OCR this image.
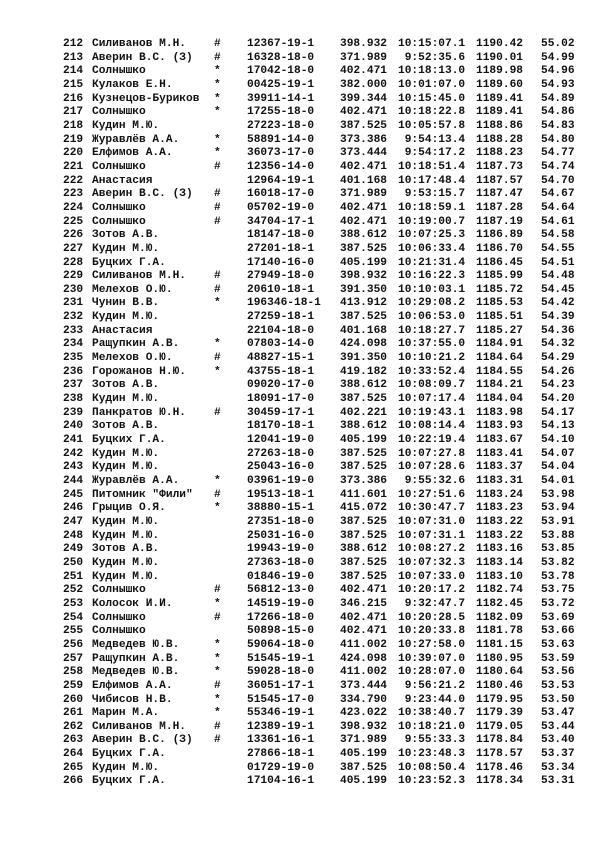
212 Силиванов М.Н.	# 12367-19-1 398.932 10:15:07.1 1190.42 55.02
213 Аверин В.С. (З) # 16328-18-0 371.989 9:52:35.6 1190.01 54.99
214 Солнышко	* 17042-18-0 402.471 10:18:13.0 1189.98 54.96
215 Кулаков Е.Н.	* 00425-19-1 382.000 10:01:07.0 1189.60 54.93
216 Кузнецов-Буриков * 39911-14-1 399.344 10:15:45.0 1189.41 54.89
217 Солнышко	* 17255-18-0 402.471 10:18:22.8 1189.41 54.86
218 Кудин М.Ю.	27223-18-0 387.525 10:05:57.8 1188.86 54.83
219 Журавлёв А.А.	* 58891-14-0 373.386 9:54:13.4 1188.28 54.80
220 Елфимов А.А.	* 36073-17-0 373.444 9:54:17.2 1188.23 54.77
221 Солнышко	# 12356-14-0 402.471 10:18:51.4 1187.73 54.74
222 Анастасия	12964-19-1 401.168 10:17:48.4 1187.57 54.70
223 Аверин В.С. (З) # 16018-17-0 371.989 9:53:15.7 1187.47 54.67
224 Солнышко	# 05702-19-0 402.471 10:18:59.1 1187.28 54.64
225 Солнышко	# 34704-17-1 402.471 10:19:00.7 1187.19 54.61
226 Зотов А.В.	18147-18-0 388.612 10:07:25.3 1186.89 54.58
227 Кудин М.Ю.	27201-18-1 387.525 10:06:33.4 1186.70 54.55
228 Буцких Г.А.	17140-16-0 405.199 10:21:31.4 1186.45 54.51
229 Силиванов М.Н.	# 27949-18-0 398.932 10:16:22.3 1185.99 54.48
230 Мелехов О.Ю.	# 20610-18-1 391.350 10:10:03.1 1185.72 54.45
231 Чунин В.В.	* 196346-18-1 413.912 10:29:08.2 1185.53 54.42
232 Кудин М.Ю.	27259-18-1 387.525 10:06:53.0 1185.51 54.39
233 Анастасия	22104-18-0 401.168 10:18:27.7 1185.27 54.36
234 Ращупкин А.В.	* 07803-14-0 424.098 10:37:55.0 1184.91 54.32
235 Мелехов О.Ю.	# 48827-15-1 391.350 10:10:21.2 1184.64 54.29
236 Горожанов Н.Ю.	* 43755-18-1 419.182 10:33:52.4 1184.55 54.26
237 Зотов А.В.	09020-17-0 388.612 10:08:09.7 1184.21 54.23
238 Кудин М.Ю.	18091-17-0 387.525 10:07:17.4 1184.04 54.20
239 Панкратов Ю.Н.	# 30459-17-1 402.221 10:19:43.1 1183.98 54.17
240 Зотов А.В.	18170-18-1 388.612 10:08:14.4 1183.93 54.13
241 Буцких Г.А.	12041-19-0 405.199 10:22:19.4 1183.67 54.10
242 Кудин М.Ю.	27263-18-0 387.525 10:07:27.8 1183.41 54.07
243 Кудин М.Ю.	25043-16-0 387.525 10:07:28.6 1183.37 54.04
244 Журавлёв А.А.	* 03961-19-0 373.386 9:55:32.6 1183.31 54.01
245 Питомник "Фили" # 19513-18-1 411.601 10:27:51.6 1183.24 53.98
246 Грыцив О.Я.	* 38880-15-1 415.072 10:30:47.7 1183.23 53.94
247 Кудин М.Ю.	27351-18-0 387.525 10:07:31.0 1183.22 53.91
248 Кудин М.Ю.	25031-16-0 387.525 10:07:31.1 1183.22 53.88
249 Зотов А.В.	19943-19-0 388.612 10:08:27.2 1183.16 53.85
250 Кудин М.Ю.	27363-18-0 387.525 10:07:32.3 1183.14 53.82
251 Кудин М.Ю.	01846-19-0 387.525 10:07:33.0 1183.10 53.78
252 Солнышко	# 56812-13-0 402.471 10:20:17.2 1182.74 53.75
253 Колосок И.И.	* 14519-19-0 346.215 9:32:47.7 1182.45 53.72
254 Солнышко	# 17266-18-0 402.471 10:20:28.5 1182.09 53.69
255 Солнышко	50898-15-0 402.471 10:20:33.8 1181.78 53.66
256 Медведев Ю.В.	* 59064-18-0 411.002 10:27:58.0 1181.15 53.63
257 Ращупкин А.В.	* 51545-19-1 424.098 10:39:07.0 1180.95 53.59
258 Медведев Ю.В.	* 59028-18-0 411.002 10:28:07.0 1180.64 53.56
259 Елфимов А.А.	# 36051-17-1 373.444 9:56:21.2 1180.46 53.53
260 Чибисов Н.В.	* 51545-17-0 334.790 9:23:44.0 1179.95 53.50
261 Марин М.А.	* 55346-19-1 423.022 10:38:40.7 1179.39 53.47
262 Силиванов М.Н.	# 12389-19-1 398.932 10:18:21.0 1179.05 53.44
263 Аверин В.С. (З) # 13361-16-1 371.989 9:55:33.3 1178.84 53.40
264 Буцких Г.А.	27866-18-1 405.199 10:23:48.3 1178.57 53.37
265 Кудин М.Ю.	01729-19-0 387.525 10:08:50.4 1178.46 53.34
266 Буцких Г.А.	17104-16-1 405.199 10:23:52.3 1178.34 53.31
